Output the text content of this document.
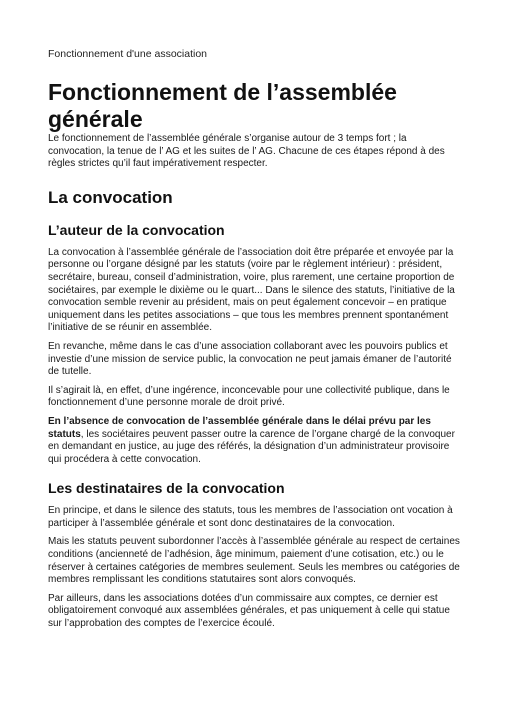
Fonctionnement d'une association

Fonctionnement de l’assemblée générale

Le fonctionnement de l’assemblée générale s’organise autour de 3 temps fort ; la convocation, la tenue de l’ AG et les suites de l’ AG. Chacune de ces étapes répond à des règles strictes qu’il faut impérativement respecter.

La convocation
L’auteur de la convocation

La convocation à l’assemblée générale de l’association doit être préparée et envoyée par la personne ou l’organe désigné par les statuts (voire par le règlement intérieur) : président, secrétaire, bureau, conseil d’administration, voire, plus rarement, une certaine proportion de sociétaires, par exemple le dixième ou le quart... Dans le silence des statuts, l’initiative de la convocation semble revenir au président, mais on peut également concevoir – en pratique uniquement dans les petites associations – que tous les membres prennent spontanément l’initiative de se réunir en assemblée.

En revanche, même dans le cas d’une association collaborant avec les pouvoirs publics et investie d’une mission de service public, la convocation ne peut jamais émaner de l’autorité de tutelle.

Il s’agirait là, en effet, d’une ingérence, inconcevable pour une collectivité publique, dans le fonctionnement d’une personne morale de droit privé.

En l’absence de convocation de l’assemblée générale dans le délai prévu par les statuts, les sociétaires peuvent passer outre la carence de l’organe chargé de la convoquer en demandant en justice, au juge des référés, la désignation d’un administrateur provisoire qui procédera à cette convocation.

Les destinataires de la convocation

En principe, et dans le silence des statuts, tous les membres de l’association ont vocation à participer à l’assemblée générale et sont donc destinataires de la convocation.

Mais les statuts peuvent subordonner l’accès à l’assemblée générale au respect de certaines conditions (ancienneté de l’adhésion, âge minimum, paiement d’une cotisation, etc.) ou le réserver à certaines catégories de membres seulement. Seuls les membres ou catégories de membres remplissant les conditions statutaires sont alors convoqués.

Par ailleurs, dans les associations dotées d’un commissaire aux comptes, ce dernier est obligatoirement convoqué aux assemblées générales, et pas uniquement à celle qui statue sur l’approbation des comptes de l’exercice écoulé.
